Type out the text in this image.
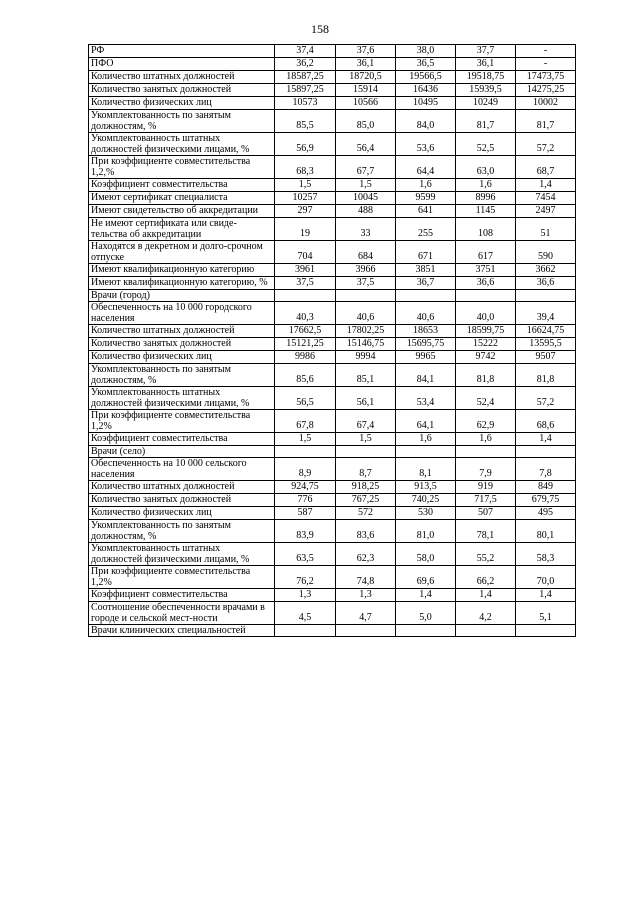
158
РФ	37,4	37,6	38,0	37,7	-
ПФО	36,2	36,1	36,5	36,1	-
Количество штатных должностей	18587,25	18720,5	19566,5	19518,75	17473,75
Количество занятых должностей	15897,25	15914	16436	15939,5	14275,25
Количество физических лиц	10573	10566	10495	10249	10002
Укомплектованность по занятым должностям, %	85,5	85,0	84,0	81,7	81,7
Укомплектованность штатных должностей физическими лицами, %	56,9	56,4	53,6	52,5	57,2
При коэффициенте совместительства 1,2,%	68,3	67,7	64,4	63,0	68,7
Коэффициент совместительства	1,5	1,5	1,6	1,6	1,4
Имеют сертификат специалиста	10257	10045	9599	8996	7454
Имеют свидетельство об аккредитации	297	488	641	1145	2497
Не имеют сертификата или свиде-тельства об аккредитации	19	33	255	108	51
Находятся в декретном и долго-срочном отпуске	704	684	671	617	590
Имеют квалификационную категорию	3961	3966	3851	3751	3662
Имеют квалификационную категорию, %	37,5	37,5	36,7	36,6	36,6
Врачи (город)					
Обеспеченность на 10 000 городского населения	40,3	40,6	40,6	40,0	39,4
Количество штатных должностей	17662,5	17802,25	18653	18599,75	16624,75
Количество занятых должностей	15121,25	15146,75	15695,75	15222	13595,5
Количество физических лиц	9986	9994	9965	9742	9507
Укомплектованность по занятым должностям, %	85,6	85,1	84,1	81,8	81,8
Укомплектованность штатных должностей физическими лицами, %	56,5	56,1	53,4	52,4	57,2
При коэффициенте совместительства 1,2%	67,8	67,4	64,1	62,9	68,6
Коэффициент совместительства	1,5	1,5	1,6	1,6	1,4
Врачи (село)					
Обеспеченность на 10 000 сельского населения	8,9	8,7	8,1	7,9	7,8
Количество штатных должностей	924,75	918,25	913,5	919	849
Количество занятых должностей	776	767,25	740,25	717,5	679,75
Количество физических лиц	587	572	530	507	495
Укомплектованность по занятым должностям, %	83,9	83,6	81,0	78,1	80,1
Укомплектованность штатных должностей физическими лицами, %	63,5	62,3	58,0	55,2	58,3
При коэффициенте совместительства 1,2%	76,2	74,8	69,6	66,2	70,0
Коэффициент совместительства	1,3	1,3	1,4	1,4	1,4
Соотношение обеспеченности врачами в городе и сельской мест-ности	4,5	4,7	5,0	4,2	5,1
Врачи клинических специальностей					
